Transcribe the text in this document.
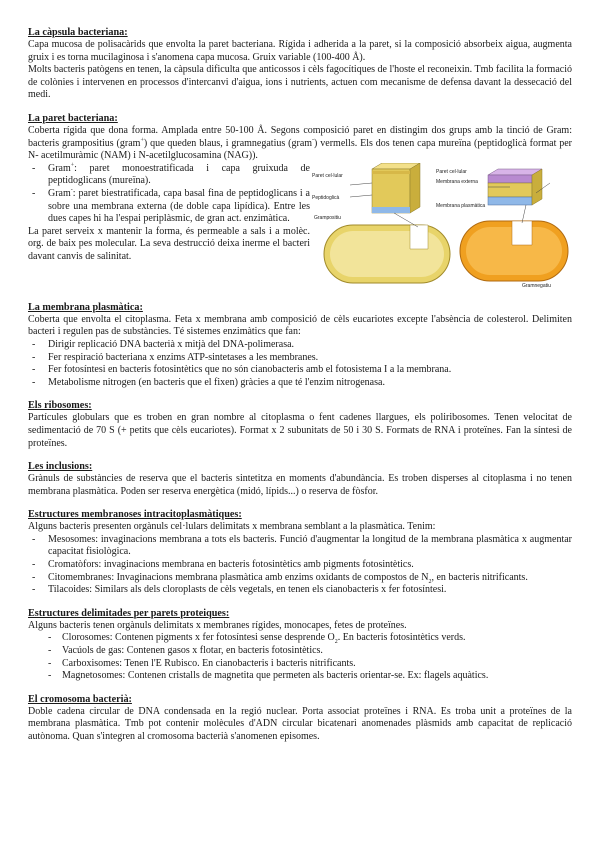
La càpsula bacteriana:

Capa mucosa de polisacàrids que envolta la paret bacteriana. Rígida i adherida a la paret, si la composició absorbeix aigua, augmenta gruix i es torna mucilaginosa i s'anomena capa mucosa. Gruix variable (100-400 Å).

Molts bacteris patògens en tenen, la càpsula dificulta que anticossos i cèls fagocítiques de l'hoste el reconeixin. Tmb facilita la formació de colònies i intervenen en processos d'intercanvi d'aigua, ions i nutrients, actuen com mecanisme de defensa davant la dessecació del medi.

La paret bacteriana:

Coberta rígida que dona forma. Amplada entre 50-100 Å. Segons composició paret en distingim dos grups amb la tinció de Gram: bacteris grampositius (gram+) que queden blaus, i gramnegatius (gram-) vermells. Els dos tenen capa mureïna (peptidoglicà format per N- acetilmuràmic (NAM) i N-acetilglucosamina (NAG)).

- Gram+: paret monoestratificada i capa gruixuda de peptidoglicans (mureïna).
- Gram-: paret biestratificada, capa basal fina de peptidoglicans i a sobre una membrana externa (de doble capa lipídica). Entre les dues capes hi ha l'espai periplàsmic, de gran act. enzimàtica.

La paret serveix x mantenir la forma, és permeable a sals i a molèc. org. de baix pes molecular. La seva destrucció deixa inerme el bacteri davant canvis de salinitat.

Paret cel·lular
Peptidoglicà
Paret cel·lular
Membrana externa
Membrana plasmàtica
Grampositiu
Gramnegatiu
La membrana plasmàtica:

Coberta que envolta el citoplasma. Feta x membrana amb composició de cèls eucariotes excepte l'absència de colesterol. Delimiten bacteri i regulen pas de substàncies. Té sistemes enzimàtics que fan:

- Dirigir replicació DNA bacterià x mitjà del DNA-polimerasa.
- Fer respiració bacteriana x enzims ATP-sintetases a les membranes.
- Fer fotosíntesi en bacteris fotosintètics que no són cianobacteris amb el fotosistema I a la membrana.
- Metabolisme nitrogen (en bacteris que el fixen) gràcies a que té l'enzim nitrogenasa.
Els ribosomes:

Partícules globulars que es troben en gran nombre al citoplasma o fent cadenes llargues, els poliribosomes. Tenen velocitat de sedimentació de 70 S (+ petits que cèls eucariotes). Format x 2 subunitats de 50 i 30 S. Formats de RNA i proteïnes. Fan la síntesi de proteïnes.

Les inclusions:

Grànuls de substàncies de reserva que el bacteris sintetitza en moments d'abundància. Es troben disperses al citoplasma i no tenen membrana plasmàtica. Poden ser reserva energètica (midó, lípids...) o reserva de fòsfor.

Estructures membranoses intracitoplasmàtiques:

Alguns bacteris presenten orgànuls cel·lulars delimitats x membrana semblant a la plasmàtica. Tenim:

- Mesosomes: invaginacions membrana a tots els bacteris. Funció d'augmentar la longitud de la membrana plasmàtica x augmentar capacitat fisiològica.
- Cromatòfors: invaginacions membrana en bacteris fotosintètics amb pigments fotosintètics.
- Citomembranes: Invaginacions membrana plasmàtica amb enzims oxidants de compostos de $N_2$, en bacteris nitrificants.
- Tilacoides: Similars als dels cloroplasts de cèls vegetals, en tenen els cianobacteris x fer fotosíntesi.
Estructures delimitades per parets proteiques:

Alguns bacteris tenen orgànuls delimitats x membranes rígides, monocapes, fetes de proteïnes.

- Clorosomes: Contenen pigments x fer fotosíntesi sense desprende $O_2$. En bacteris fotosintètics verds.
- Vacúols de gas: Contenen gasos x flotar, en bacteris fotosintètics.
- Carboxisomes: Tenen l'E Rubisco. En cianobacteris i bacteris nitrificants.
- Magnetosomes: Contenen cristalls de magnetita que permeten als bacteris orientar-se. Ex: flagels aquàtics.
El cromosoma bacterià:

Doble cadena circular de DNA condensada en la regió nuclear. Porta associat proteïnes i RNA. Es troba unit a proteïnes de la membrana plasmàtica. Tmb pot contenir molècules d'ADN circular bicatenari anomenades plàsmids amb capacitat de replicació autònoma. Quan s'integren al cromosoma bacterià s'anomenen episomes.
